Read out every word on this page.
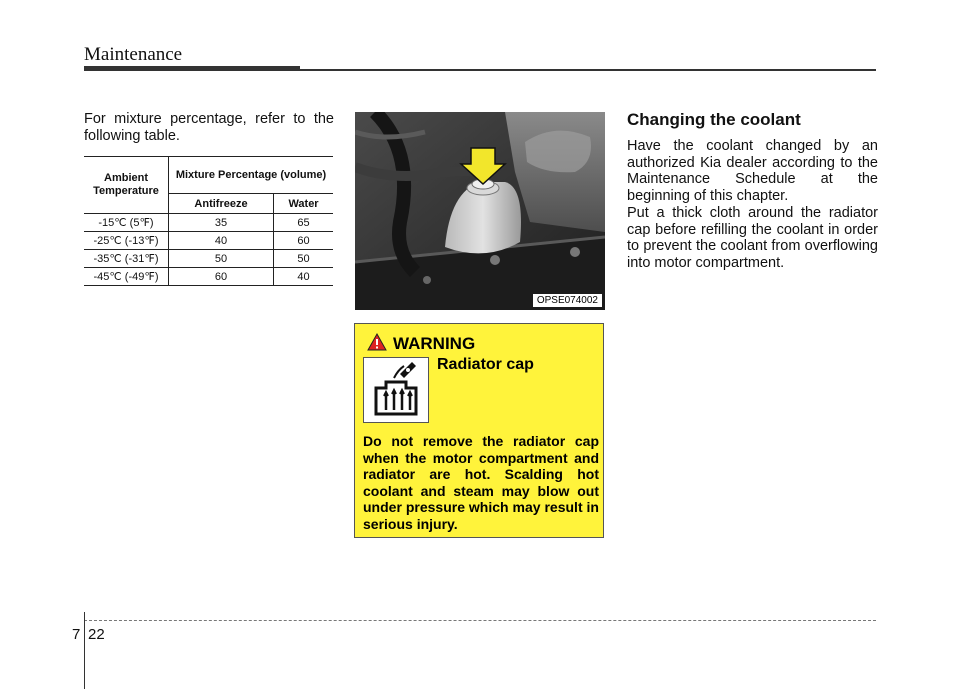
Maintenance
For mixture percentage, refer to the following table.
Ambient Temperature	Mixture Percentage (volume)	
	Antifreeze	Water
-15℃ (5℉)	35	65
-25℃ (-13℉)	40	60
-35℃ (-31℉)	50	50
-45℃ (-49℉)	60	40
OPSE074002
WARNING
Radiator cap
Do not remove the radiator cap when the motor compartment and radiator are hot. Scalding hot coolant and steam may blow out under pressure which may result in serious injury.
Changing the coolant
Have the coolant changed by an authorized Kia dealer according to the Maintenance Schedule at the beginning of this chapter.
Put a thick cloth around the radiator cap before refilling the coolant in order to prevent the coolant from overflowing into motor compartment.
7 22
